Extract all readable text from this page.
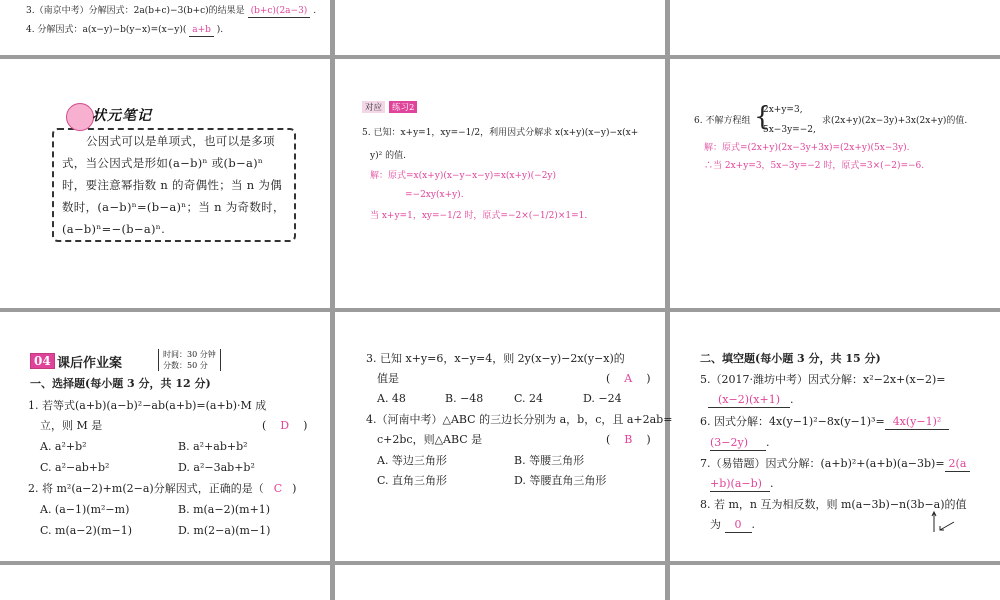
3.（南京中考）分解因式：2a(b+c)−3(b+c)的结果是 (b+c)(2a−3) .
4. 分解因式：a(x−y)−b(y−x)=(x−y)( a+b ).
状元笔记
公因式可以是单项式，也可以是多项式，当公因式是形如(a−b)ⁿ 或(b−a)ⁿ 时，要注意幂指数 n 的奇偶性；当 n 为偶数时，(a−b)ⁿ=(b−a)ⁿ；当 n 为奇数时，(a−b)ⁿ=−(b−a)ⁿ.
对应	练习2
5. 已知：x+y=1，xy=−1/2，利用因式分解求 x(x+y)(x−y)−x(x+
y)² 的值.
解：原式=x(x+y)(x−y−x−y)=x(x+y)(−2y)
=−2xy(x+y).
当 x+y=1，xy=−1/2 时，原式=−2×(−1/2)×1=1.
6. 不解方程组 {
2x+y=3,
5x−3y=−2,
求(2x+y)(2x−3y)+3x(2x+y)的值.
解：原式=(2x+y)(2x−3y+3x)=(2x+y)(5x−3y).
∴当 2x+y=3，5x−3y=−2 时，原式=3×(−2)=−6.
04 课后作业案
时间：30 分钟
分数：50 分
一、选择题(每小题 3 分，共 12 分)
1. 若等式(a+b)(a−b)²−ab(a+b)=(a+b)·M 成
立，则 M 是	( D )
A. a²+b²	B. a²+ab+b²
C. a²−ab+b²	D. a²−3ab+b²
2. 将 m²(a−2)+m(2−a)分解因式，正确的是（ C )
A. (a−1)(m²−m)	B. m(a−2)(m+1)
C. m(a−2)(m−1)	D. m(2−a)(m−1)
3. 已知 x+y=6，x−y=4，则 2y(x−y)−2x(y−x)的
值是	( A )
A. 48	B. −48	C. 24	D. −24
4.（河南中考）△ABC 的三边长分别为 a，b，c，且 a+2ab=
c+2bc，则△ABC 是	( B )
A. 等边三角形	B. 等腰三角形
C. 直角三角形	D. 等腰直角三角形
二、填空题(每小题 3 分，共 15 分)
5.（2017·潍坊中考）因式分解：x²−2x+(x−2)=
(x−2)(x+1) .
6. 因式分解：4x(y−1)²−8x(y−1)³= 4x(y−1)²
(3−2y) .
7.（易错题）因式分解：(a+b)²+(a+b)(a−3b)= 2(a
+b)(a−b) .
8. 若 m，n 互为相反数，则 m(a−3b)−n(3b−a)的值
为 0 .
